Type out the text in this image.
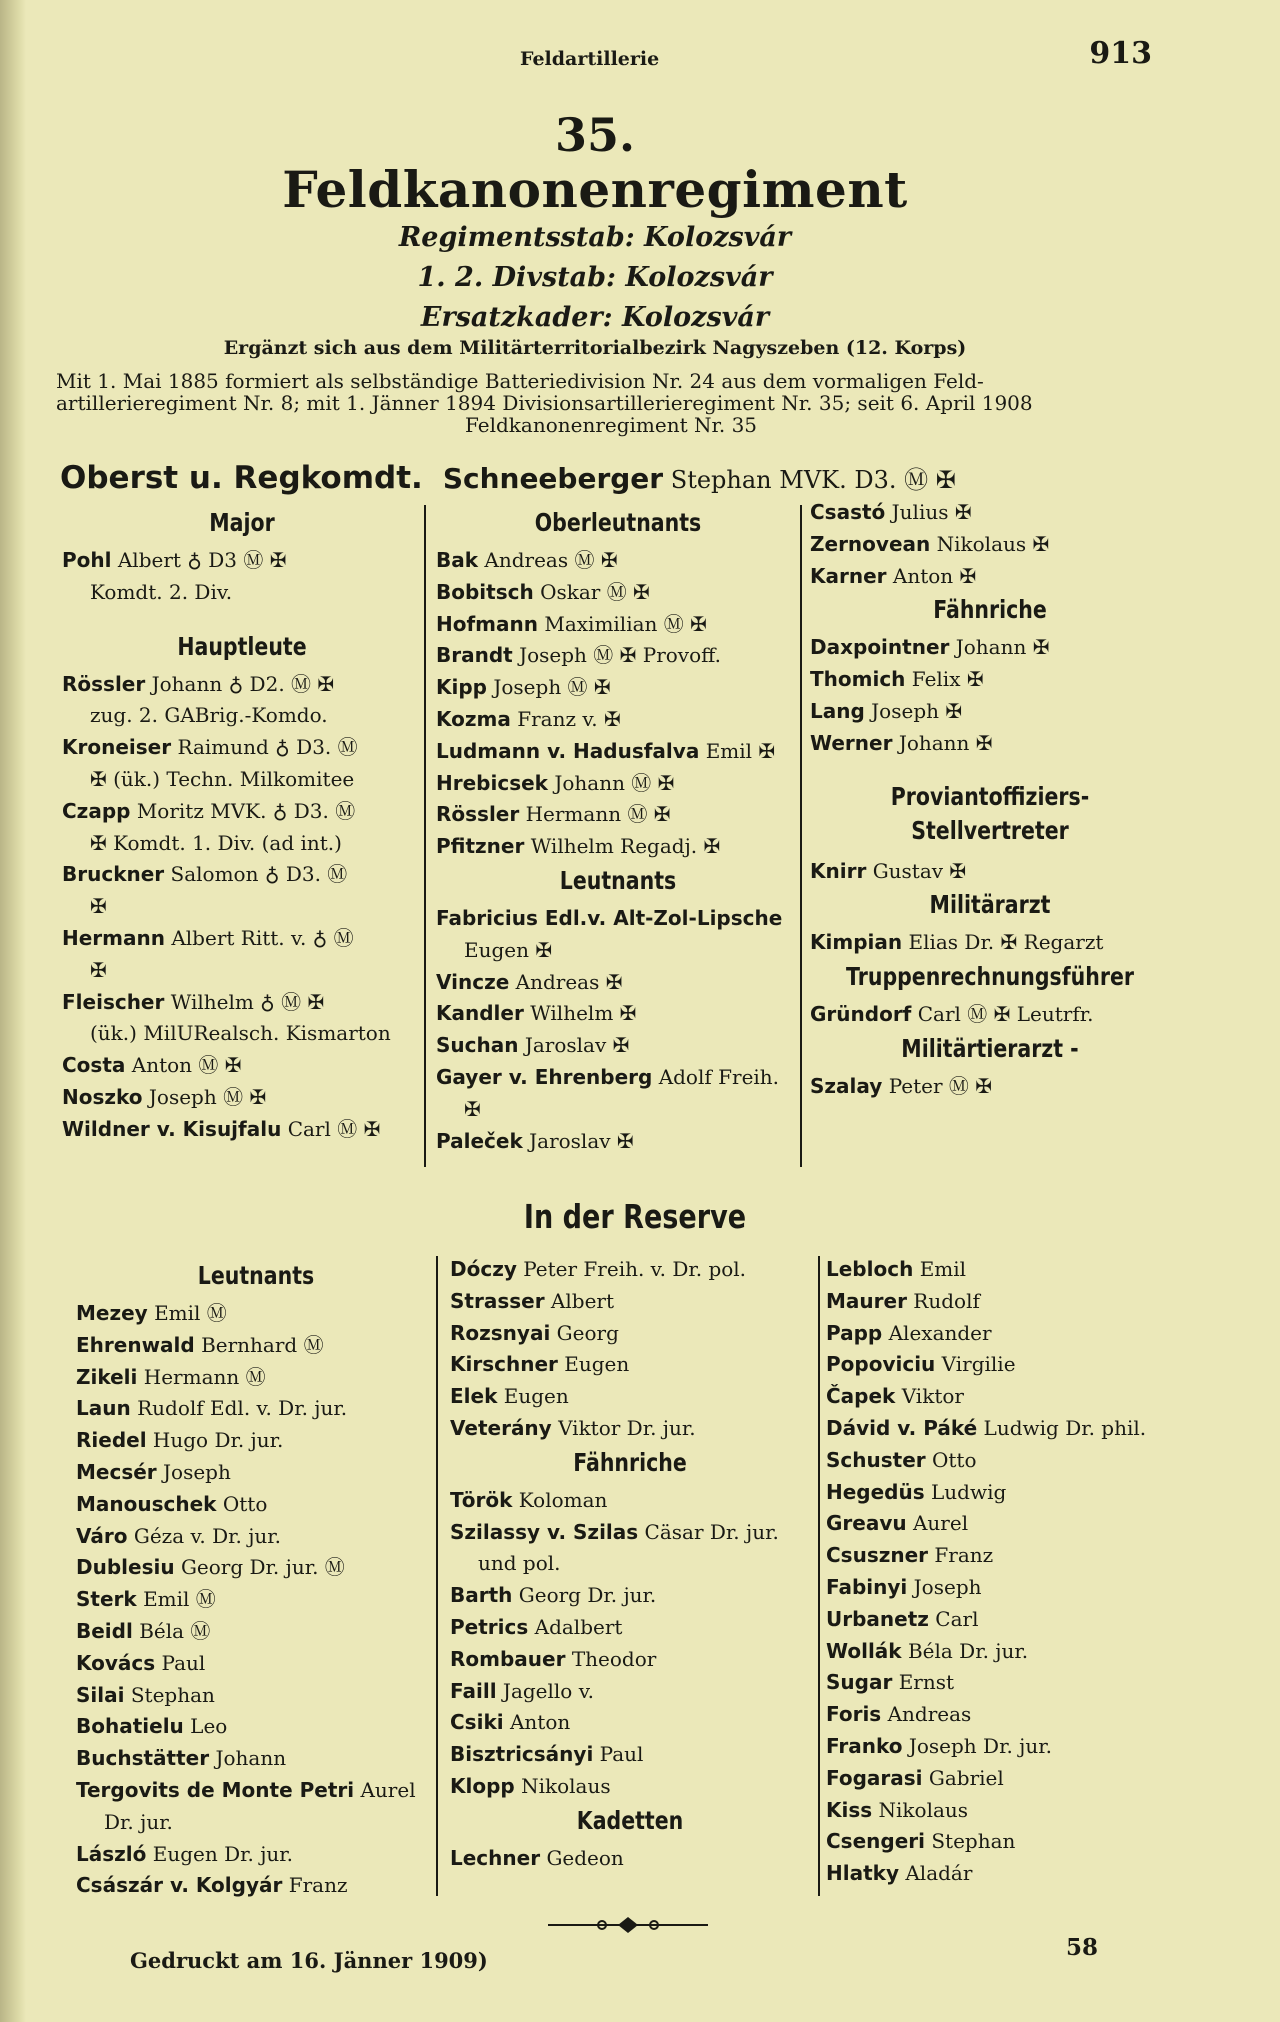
Feldartillerie	913
35.
Feldkanonenregiment
Regimentsstab: Kolozsvár
1. 2. Divstab: Kolozsvár
Ersatzkader: Kolozsvár
Ergänzt sich aus dem Militärterritorialbezirk Nagyszeben (12. Korps)

Mit 1. Mai 1885 formiert als selbständige Batteriedivision Nr. 24 aus dem vormaligen Feld-

artillerieregiment Nr. 8; mit 1. Jänner 1894 Divisionsartillerieregiment Nr. 35; seit 6. April 1908

Feldkanonenregiment Nr. 35

Oberst u. Regkomdt. Schneeberger Stephan MVK. D3. Ⓜ ✠
Major
Pohl Albert ♁ D3 Ⓜ ✠
Komdt. 2. Div.
Hauptleute
Rössler Johann ♁ D2. Ⓜ ✠
zug. 2. GABrig.-Komdo.
Kroneiser Raimund ♁ D3. Ⓜ
✠ (ük.) Techn. Milkomitee
Czapp Moritz MVK. ♁ D3. Ⓜ
✠ Komdt. 1. Div. (ad int.)
Bruckner Salomon ♁ D3. Ⓜ
✠
Hermann Albert Ritt. v. ♁ Ⓜ
✠
Fleischer Wilhelm ♁ Ⓜ ✠
(ük.) MilURealsch. Kismarton
Costa Anton Ⓜ ✠
Noszko Joseph Ⓜ ✠
Wildner v. Kisujfalu Carl Ⓜ ✠
Oberleutnants
Bak Andreas Ⓜ ✠
Bobitsch Oskar Ⓜ ✠
Hofmann Maximilian Ⓜ ✠
Brandt Joseph Ⓜ ✠ Provoff.
Kipp Joseph Ⓜ ✠
Kozma Franz v. ✠
Ludmann v. Hadusfalva Emil ✠
Hrebicsek Johann Ⓜ ✠
Rössler Hermann Ⓜ ✠
Pfitzner Wilhelm Regadj. ✠
Leutnants
Fabricius Edl.v. Alt-Zol-Lipsche
Eugen ✠
Vincze Andreas ✠
Kandler Wilhelm ✠
Suchan Jaroslav ✠
Gayer v. Ehrenberg Adolf Freih.
✠
Paleček Jaroslav ✠
Csastó Julius ✠
Zernovean Nikolaus ✠
Karner Anton ✠
Fähnriche
Daxpointner Johann ✠
Thomich Felix ✠
Lang Joseph ✠
Werner Johann ✠
Proviantoffiziers-Stellvertreter
Knirr Gustav ✠
Militärarzt
Kimpian Elias Dr. ✠ Regarzt
Truppenrechnungsführer
Gründorf Carl Ⓜ ✠ Leutrfr.
Militärtierarzt -
Szalay Peter Ⓜ ✠
In der Reserve
Leutnants
Mezey Emil Ⓜ
Ehrenwald Bernhard Ⓜ
Zikeli Hermann Ⓜ
Laun Rudolf Edl. v. Dr. jur.
Riedel Hugo Dr. jur.
Mecsér Joseph
Manouschek Otto
Váro Géza v. Dr. jur.
Dublesiu Georg Dr. jur. Ⓜ
Sterk Emil Ⓜ
Beidl Béla Ⓜ
Kovács Paul
Silai Stephan
Bohatielu Leo
Buchstätter Johann
Tergovits de Monte Petri Aurel
Dr. jur.
László Eugen Dr. jur.
Császár v. Kolgyár Franz
Dóczy Peter Freih. v. Dr. pol.
Strasser Albert
Rozsnyai Georg
Kirschner Eugen
Elek Eugen
Veterány Viktor Dr. jur.
Fähnriche
Török Koloman
Szilassy v. Szilas Cäsar Dr. jur.
und pol.
Barth Georg Dr. jur.
Petrics Adalbert
Rombauer Theodor
Faill Jagello v.
Csiki Anton
Bisztricsányi Paul
Klopp Nikolaus
Kadetten
Lechner Gedeon
Lebloch Emil
Maurer Rudolf
Papp Alexander
Popoviciu Virgilie
Čapek Viktor
Dávid v. Páké Ludwig Dr. phil.
Schuster Otto
Hegedüs Ludwig
Greavu Aurel
Csuszner Franz
Fabinyi Joseph
Urbanetz Carl
Wollák Béla Dr. jur.
Sugar Ernst
Foris Andreas
Franko Joseph Dr. jur.
Fogarasi Gabriel
Kiss Nikolaus
Csengeri Stephan
Hlatky Aladár
Gedruckt am 16. Jänner 1909)	58
